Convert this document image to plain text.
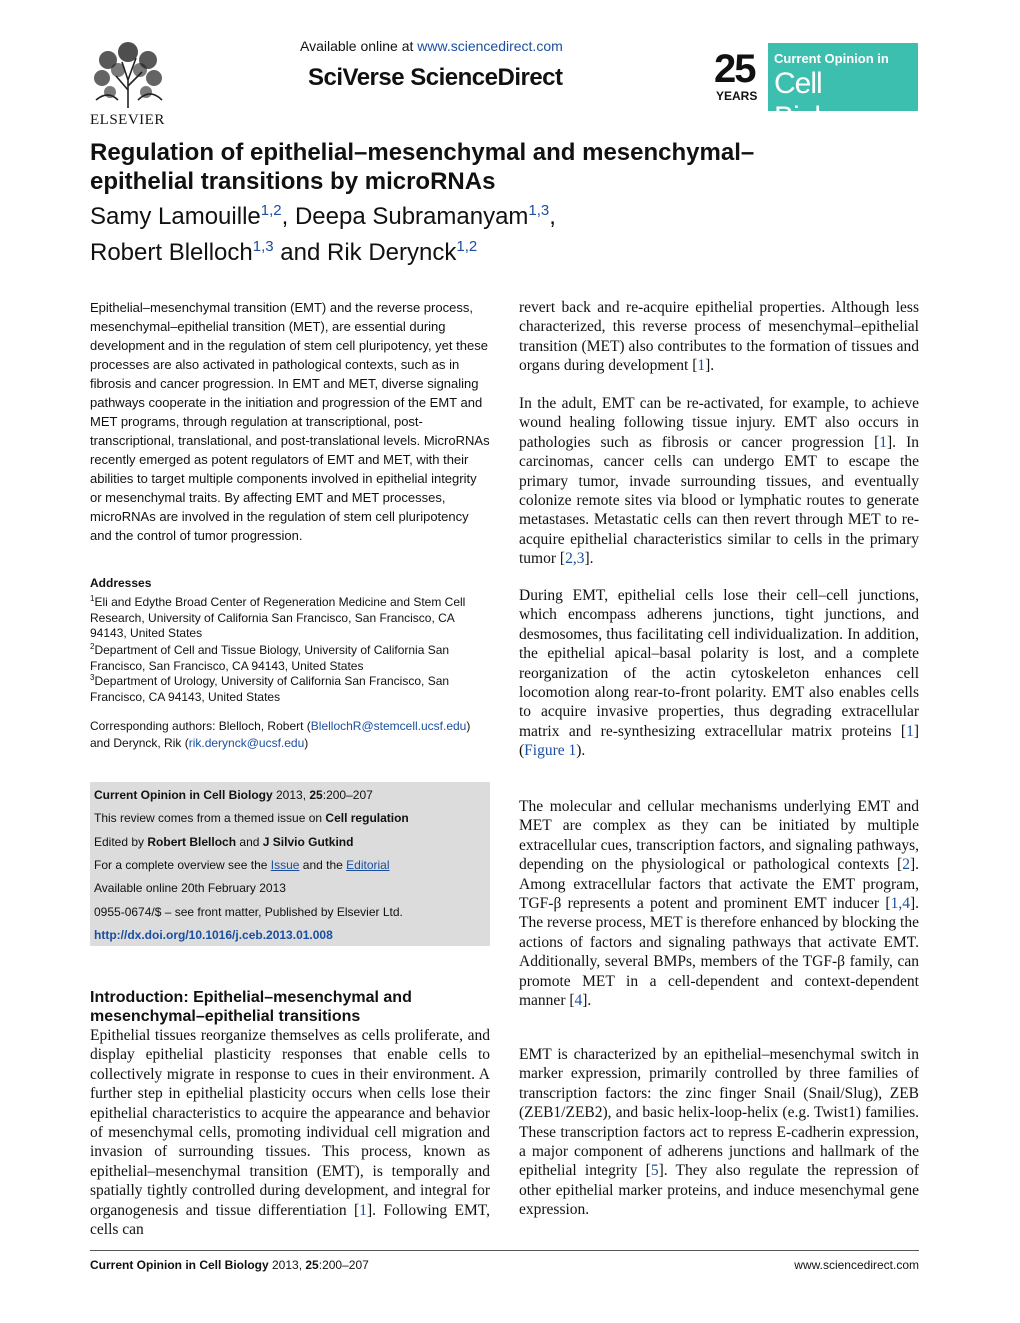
ELSEVIER
Available online at www.sciencedirect.com
SciVerse ScienceDirect	25
YEARS
Current Opinion in
Cell Biology
Regulation of epithelial–mesenchymal and mesenchymal–epithelial transitions by microRNAs
Samy Lamouille$^{1,2}$, Deepa Subramanyam$^{1,3}$,
Robert Blelloch$^{1,3}$ and Rik Derynck$^{1,2}$

Epithelial–mesenchymal transition (EMT) and the reverse process, mesenchymal–epithelial transition (MET), are essential during development and in the regulation of stem cell pluripotency, yet these processes are also activated in pathological contexts, such as in fibrosis and cancer progression. In EMT and MET, diverse signaling pathways cooperate in the initiation and progression of the EMT and MET programs, through regulation at transcriptional, post-transcriptional, translational, and post-translational levels. MicroRNAs recently emerged as potent regulators of EMT and MET, with their abilities to target multiple components involved in epithelial integrity or mesenchymal traits. By affecting EMT and MET processes, microRNAs are involved in the regulation of stem cell pluripotency and the control of tumor progression.

Addresses
$^1$Eli and Edythe Broad Center of Regeneration Medicine and Stem Cell Research, University of California San Francisco, San Francisco, CA 94143, United States
$^2$Department of Cell and Tissue Biology, University of California San Francisco, San Francisco, CA 94143, United States
$^3$Department of Urology, University of California San Francisco, San Francisco, CA 94143, United States
Corresponding authors: Blelloch, Robert (BlellochR@stemcell.ucsf.edu) and Derynck, Rik (rik.derynck@ucsf.edu)
Current Opinion in Cell Biology 2013, 25:200–207
This review comes from a themed issue on Cell regulation
Edited by Robert Blelloch and J Silvio Gutkind
For a complete overview see the Issue and the Editorial
Available online 20th February 2013
0955-0674/$ – see front matter, Published by Elsevier Ltd.
http://dx.doi.org/10.1016/j.ceb.2013.01.008
Introduction: Epithelial–mesenchymal and mesenchymal–epithelial transitions

Epithelial tissues reorganize themselves as cells proliferate, and display epithelial plasticity responses that enable cells to collectively migrate in response to cues in their environment. A further step in epithelial plasticity occurs when cells lose their epithelial characteristics to acquire the appearance and behavior of mesenchymal cells, promoting individual cell migration and invasion of surrounding tissues. This process, known as epithelial–mesenchymal transition (EMT), is temporally and spatially tightly controlled during development, and integral for organogenesis and tissue differentiation [1]. Following EMT, cells can

revert back and re-acquire epithelial properties. Although less characterized, this reverse process of mesenchymal–epithelial transition (MET) also contributes to the formation of tissues and organs during development [1].

In the adult, EMT can be re-activated, for example, to achieve wound healing following tissue injury. EMT also occurs in pathologies such as fibrosis or cancer progression [1]. In carcinomas, cancer cells can undergo EMT to escape the primary tumor, invade surrounding tissues, and eventually colonize remote sites via blood or lymphatic routes to generate metastases. Metastatic cells can then revert through MET to re-acquire epithelial characteristics similar to cells in the primary tumor [2,3].

During EMT, epithelial cells lose their cell–cell junctions, which encompass adherens junctions, tight junctions, and desmosomes, thus facilitating cell individualization. In addition, the epithelial apical–basal polarity is lost, and a complete reorganization of the actin cytoskeleton enhances cell locomotion along rear-to-front polarity. EMT also enables cells to acquire invasive properties, thus degrading extracellular matrix and re-synthesizing extracellular matrix proteins [1] (Figure 1).

The molecular and cellular mechanisms underlying EMT and MET are complex as they can be initiated by multiple extracellular cues, transcription factors, and signaling pathways, depending on the physiological or pathological contexts [2]. Among extracellular factors that activate the EMT program, TGF-β represents a potent and prominent EMT inducer [1,4]. The reverse process, MET is therefore enhanced by blocking the actions of factors and signaling pathways that activate EMT. Additionally, several BMPs, members of the TGF-β family, can promote MET in a cell-dependent and context-dependent manner [4].

EMT is characterized by an epithelial–mesenchymal switch in marker expression, primarily controlled by three families of transcription factors: the zinc finger Snail (Snail/Slug), ZEB (ZEB1/ZEB2), and basic helix-loop-helix (e.g. Twist1) families. These transcription factors act to repress E-cadherin expression, a major component of adherens junctions and hallmark of the epithelial integrity [5]. They also regulate the repression of other epithelial marker proteins, and induce mesenchymal gene expression.

Current Opinion in Cell Biology 2013, 25:200–207	www.sciencedirect.com
